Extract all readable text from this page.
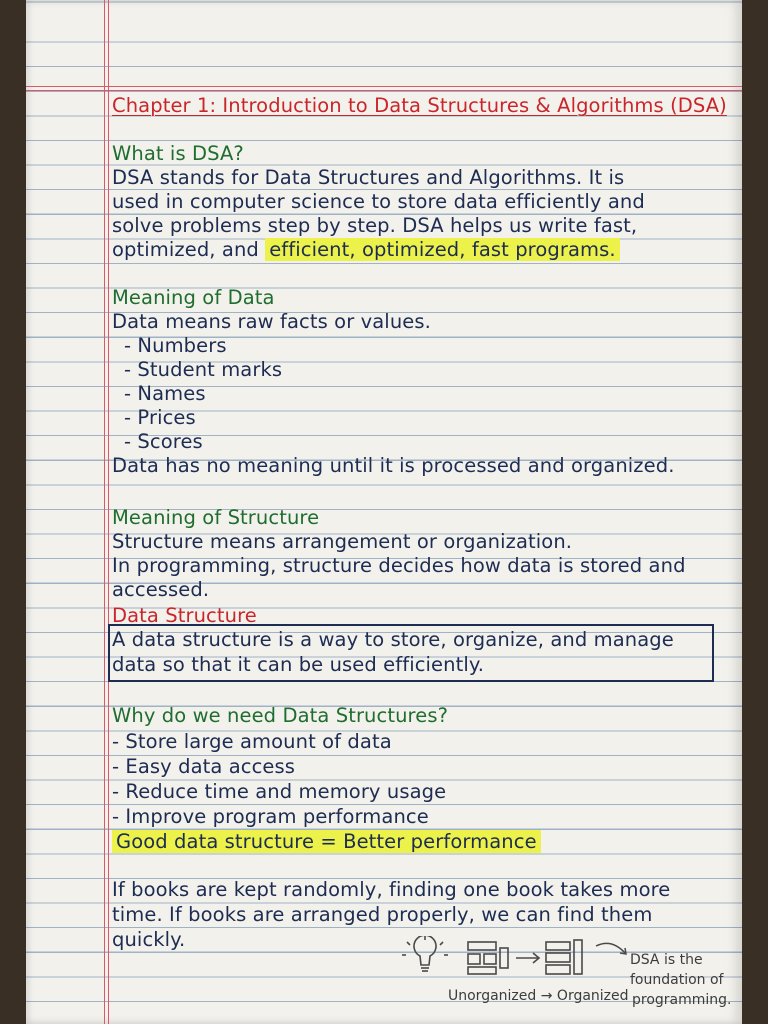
Chapter 1: Introduction to Data Structures & Algorithms (DSA)
What is DSA?
DSA stands for Data Structures and Algorithms. It is
used in computer science to store data efficiently and
solve problems step by step. DSA helps us write fast,
optimized, and efficient, optimized, fast programs.
Meaning of Data
Data means raw facts or values.
- Numbers
- Student marks
- Names
- Prices
- Scores
Data has no meaning until it is processed and organized.
Meaning of Structure
Structure means arrangement or organization.
In programming, structure decides how data is stored and
accessed.
Data Structure
A data structure is a way to store, organize, and manage
data so that it can be used efficiently.
Why do we need Data Structures?
- Store large amount of data
- Easy data access
- Reduce time and memory usage
- Improve program performance
Good data structure = Better performance
If books are kept randomly, finding one book takes more
time. If books are arranged properly, we can find them
quickly.
Unorganized → Organized
DSA is the
foundation of
programming.
